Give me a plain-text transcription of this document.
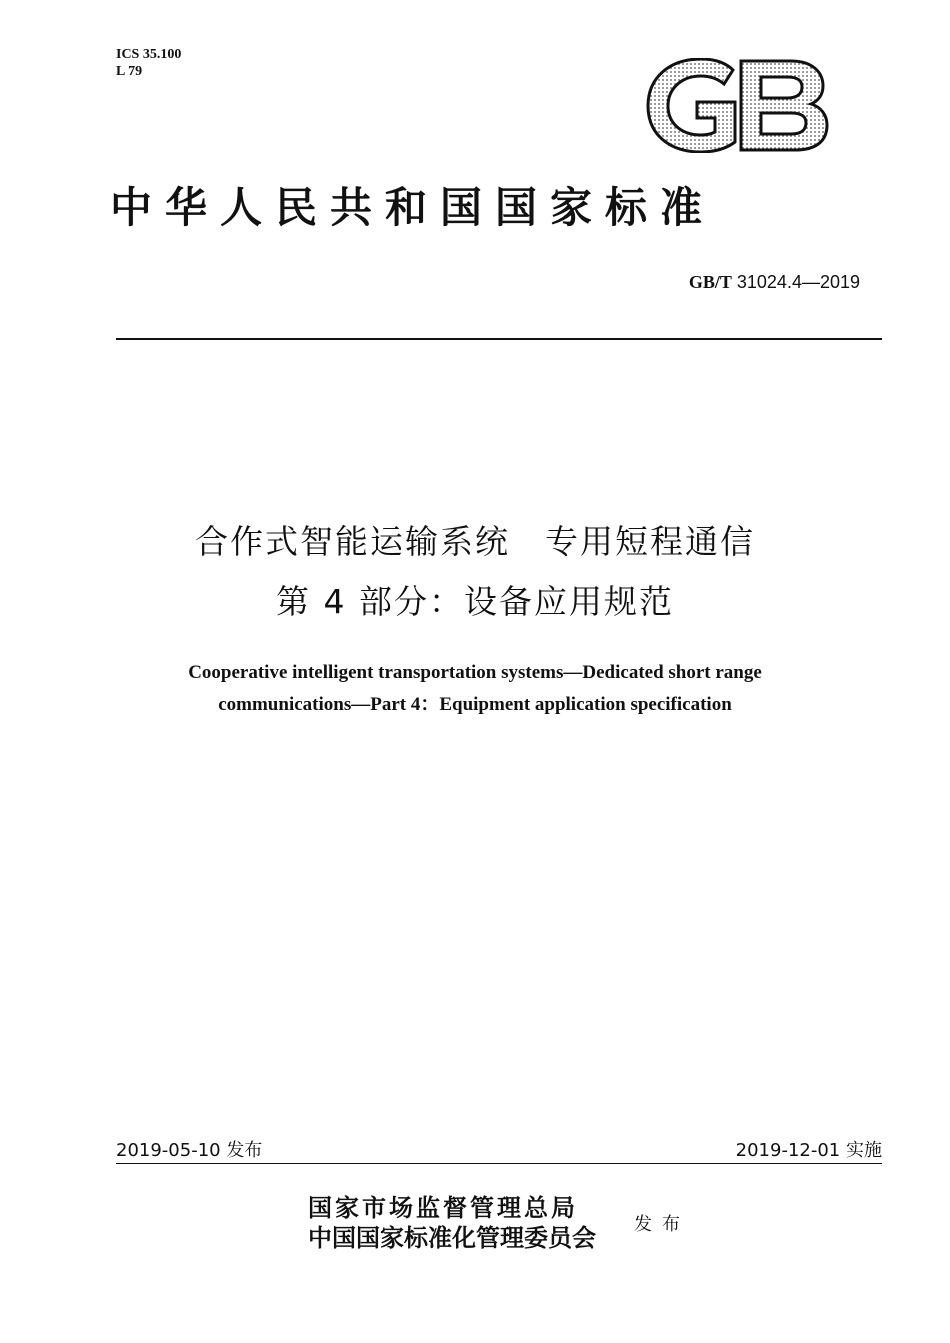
ICS 35.100
L 79
GB
中华人民共和国国家标准
GB/T 31024.4—2019
合作式智能运输系统　专用短程通信
第 4 部分：设备应用规范
Cooperative intelligent transportation systems—Dedicated short range
communications—Part 4：Equipment application specification
2019-05-10 发布	2019-12-01 实施
国家市场监督管理总局
中国国家标准化管理委员会 发布
